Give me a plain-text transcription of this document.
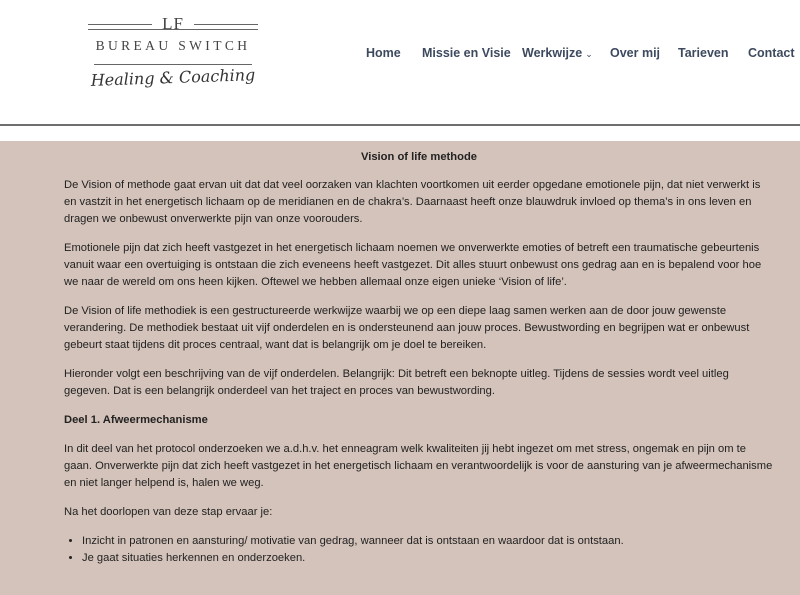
LF
BUREAU SWITCH
Healing & Coaching
Home Missie en Visie Werkwijze ⌄ Over mij Tarieven Contact
Vision of life methode

De Vision of methode gaat ervan uit dat dat veel oorzaken van klachten voortkomen uit eerder opgedane emotionele pijn, dat niet verwerkt is en vastzit in het energetisch lichaam op de meridianen en de chakra’s. Daarnaast heeft onze blauwdruk invloed op thema’s in ons leven en dragen we onbewust onverwerkte pijn van onze voorouders.

Emotionele pijn dat zich heeft vastgezet in het energetisch lichaam noemen we onverwerkte emoties of betreft een traumatische gebeurtenis vanuit waar een overtuiging is ontstaan die zich eveneens heeft vastgezet. Dit alles stuurt onbewust ons gedrag aan en is bepalend voor hoe we naar de wereld om ons heen kijken. Oftewel we hebben allemaal onze eigen unieke ‘Vision of life’.

De Vision of life methodiek is een gestructureerde werkwijze waarbij we op een diepe laag samen werken aan de door jouw gewenste verandering. De methodiek bestaat uit vijf onderdelen en is ondersteunend aan jouw proces. Bewustwording en begrijpen wat er onbewust gebeurt staat tijdens dit proces centraal, want dat is belangrijk om je doel te bereiken.

Hieronder volgt een beschrijving van de vijf onderdelen. Belangrijk: Dit betreft een beknopte uitleg. Tijdens de sessies wordt veel uitleg gegeven. Dat is een belangrijk onderdeel van het traject en proces van bewustwording.

Deel 1. Afweermechanisme

In dit deel van het protocol onderzoeken we a.d.h.v. het enneagram welk kwaliteiten jij hebt ingezet om met stress, ongemak en pijn om te gaan. Onverwerkte pijn dat zich heeft vastgezet in het energetisch lichaam en verantwoordelijk is voor de aansturing van je afweermechanisme en niet langer helpend is, halen we weg.

Na het doorlopen van deze stap ervaar je:

• Inzicht in patronen en aansturing/ motivatie van gedrag, wanneer dat is ontstaan en waardoor dat is ontstaan.
• Je gaat situaties herkennen en onderzoeken.
